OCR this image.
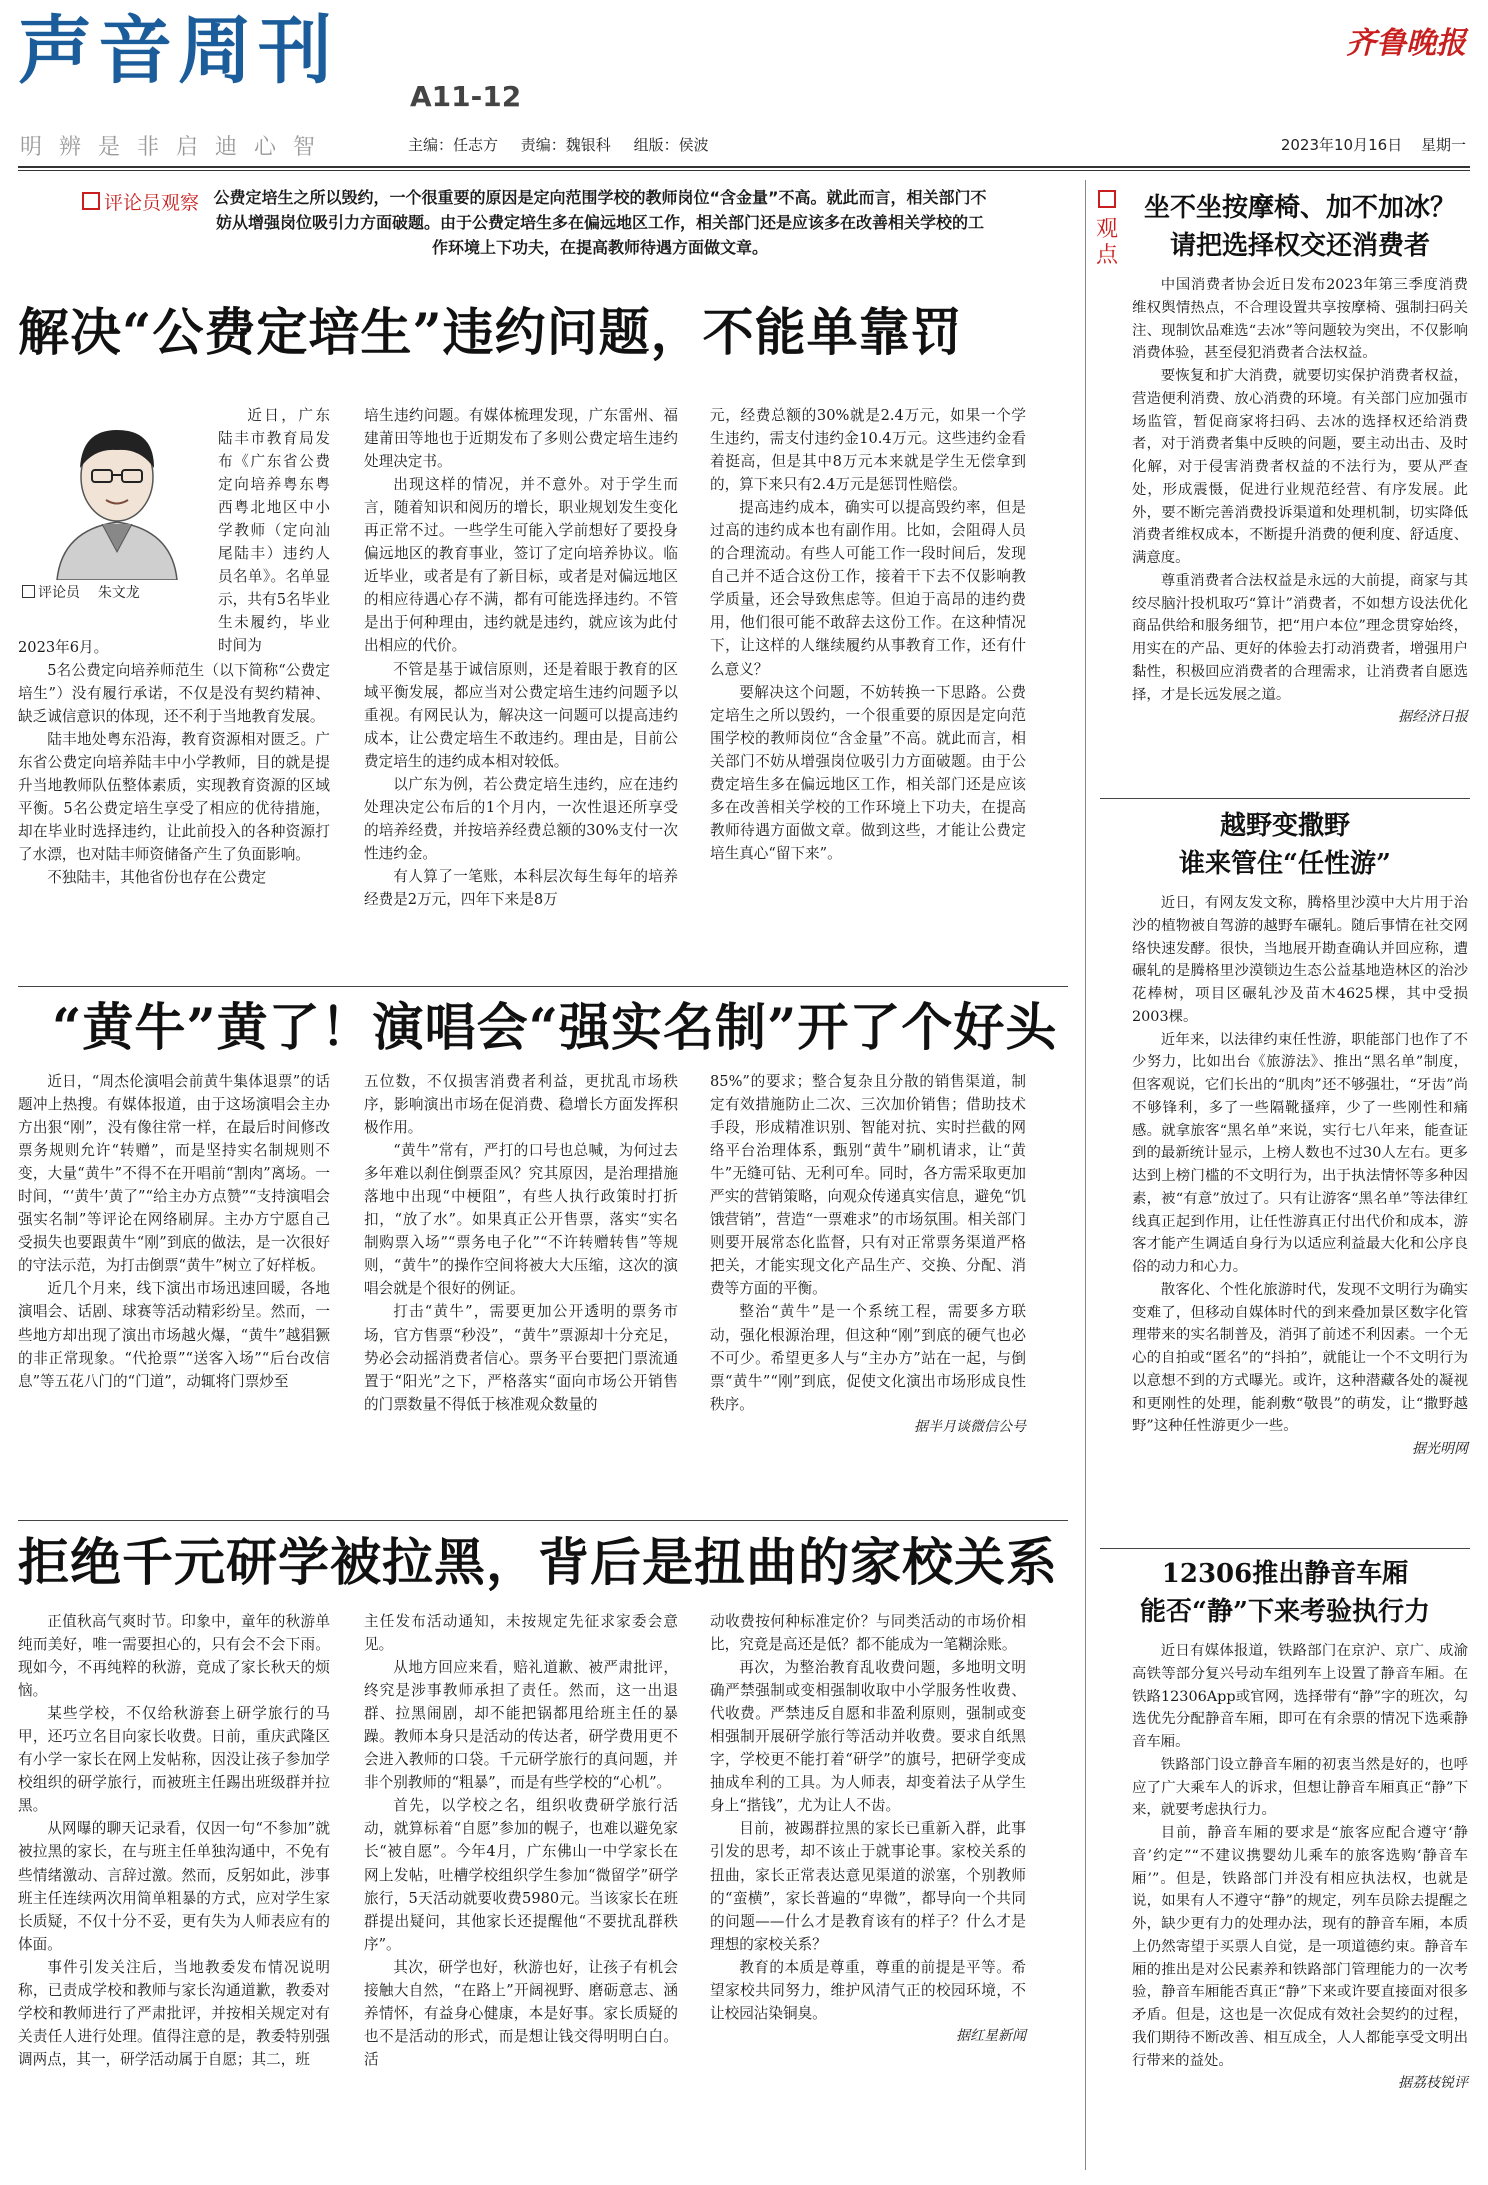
声音周刊
A11-12
明辨是非启迪心智	主编：任志方 责编：魏银科 组版：侯波
齐鲁晚报
2023年10月16日 星期一
评论员观察 公费定培生之所以毁约，一个很重要的原因是定向范围学校的教师岗位“含金量”不高。就此而言，相关部门不妨从增强岗位吸引力方面破题。由于公费定培生多在偏远地区工作，相关部门还是应该多在改善相关学校的工作环境上下功夫，在提高教师待遇方面做文章。
解决“公费定培生”违约问题，不能单靠罚
评论员 朱文龙

近日，广东陆丰市教育局发布《广东省公费定向培养粤东粤西粤北地区中小学教师（定向汕尾陆丰）违约人员名单》。名单显示，共有5名毕业生未履约，毕业时间为

2023年6月。

5名公费定向培养师范生（以下简称“公费定培生”）没有履行承诺，不仅是没有契约精神、缺乏诚信意识的体现，还不利于当地教育发展。

陆丰地处粤东沿海，教育资源相对匮乏。广东省公费定向培养陆丰中小学教师，目的就是提升当地教师队伍整体素质，实现教育资源的区域平衡。5名公费定培生享受了相应的优待措施，却在毕业时选择违约，让此前投入的各种资源打了水漂，也对陆丰师资储备产生了负面影响。

不独陆丰，其他省份也存在公费定

培生违约问题。有媒体梳理发现，广东雷州、福建莆田等地也于近期发布了多则公费定培生违约处理决定书。

出现这样的情况，并不意外。对于学生而言，随着知识和阅历的增长，职业规划发生变化再正常不过。一些学生可能入学前想好了要投身偏远地区的教育事业，签订了定向培养协议。临近毕业，或者是有了新目标，或者是对偏远地区的相应待遇心存不满，都有可能选择违约。不管是出于何种理由，违约就是违约，就应该为此付出相应的代价。

不管是基于诚信原则，还是着眼于教育的区域平衡发展，都应当对公费定培生违约问题予以重视。有网民认为，解决这一问题可以提高违约成本，让公费定培生不敢违约。理由是，目前公费定培生的违约成本相对较低。

以广东为例，若公费定培生违约，应在违约处理决定公布后的1个月内，一次性退还所享受的培养经费，并按培养经费总额的30%支付一次性违约金。

有人算了一笔账，本科层次每生每年的培养经费是2万元，四年下来是8万

元，经费总额的30%就是2.4万元，如果一个学生违约，需支付违约金10.4万元。这些违约金看着挺高，但是其中8万元本来就是学生无偿拿到的，算下来只有2.4万元是惩罚性赔偿。

提高违约成本，确实可以提高毁约率，但是过高的违约成本也有副作用。比如，会阻碍人员的合理流动。有些人可能工作一段时间后，发现自己并不适合这份工作，接着干下去不仅影响教学质量，还会导致焦虑等。但迫于高昂的违约费用，他们很可能不敢辞去这份工作。在这种情况下，让这样的人继续履约从事教育工作，还有什么意义？

要解决这个问题，不妨转换一下思路。公费定培生之所以毁约，一个很重要的原因是定向范围学校的教师岗位“含金量”不高。就此而言，相关部门不妨从增强岗位吸引力方面破题。由于公费定培生多在偏远地区工作，相关部门还是应该多在改善相关学校的工作环境上下功夫，在提高教师待遇方面做文章。做到这些，才能让公费定培生真心“留下来”。

“黄牛”黄了！演唱会“强实名制”开了个好头

近日，“周杰伦演唱会前黄牛集体退票”的话题冲上热搜。有媒体报道，由于这场演唱会主办方出狠“刚”，没有像往常一样，在最后时间修改票务规则允许“转赠”，而是坚持实名制规则不变，大量“黄牛”不得不在开唱前“割肉”离场。一时间，“‘黄牛’黄了”“给主办方点赞”“支持演唱会强实名制”等评论在网络刷屏。主办方宁愿自己受损失也要跟黄牛“刚”到底的做法，是一次很好的守法示范，为打击倒票“黄牛”树立了好样板。

近几个月来，线下演出市场迅速回暖，各地演唱会、话剧、球赛等活动精彩纷呈。然而，一些地方却出现了演出市场越火爆，“黄牛”越猖獗的非正常现象。“代抢票”“送客入场”“后台改信息”等五花八门的“门道”，动辄将门票炒至

五位数，不仅损害消费者利益，更扰乱市场秩序，影响演出市场在促消费、稳增长方面发挥积极作用。

“黄牛”常有，严打的口号也总喊，为何过去多年难以刹住倒票歪风？究其原因，是治理措施落地中出现“中梗阻”，有些人执行政策时打折扣，“放了水”。如果真正公开售票，落实“实名制购票入场”“票务电子化”“不许转赠转售”等规则，“黄牛”的操作空间将被大大压缩，这次的演唱会就是个很好的例证。

打击“黄牛”，需要更加公开透明的票务市场，官方售票“秒没”，“黄牛”票源却十分充足，势必会动摇消费者信心。票务平台要把门票流通置于“阳光”之下，严格落实“面向市场公开销售的门票数量不得低于核准观众数量的

85%”的要求；整合复杂且分散的销售渠道，制定有效措施防止二次、三次加价销售；借助技术手段，形成精准识别、智能对抗、实时拦截的网络平台治理体系，甄别“黄牛”刷机请求，让“黄牛”无缝可钻、无利可牟。同时，各方需采取更加严实的营销策略，向观众传递真实信息，避免“饥饿营销”，营造“一票难求”的市场氛围。相关部门则要开展常态化监督，只有对正常票务渠道严格把关，才能实现文化产品生产、交换、分配、消费等方面的平衡。

整治“黄牛”是一个系统工程，需要多方联动，强化根源治理，但这种“刚”到底的硬气也必不可少。希望更多人与“主办方”站在一起，与倒票“黄牛”“刚”到底，促使文化演出市场形成良性秩序。

据半月谈微信公号
拒绝千元研学被拉黑，背后是扭曲的家校关系

正值秋高气爽时节。印象中，童年的秋游单纯而美好，唯一需要担心的，只有会不会下雨。现如今，不再纯粹的秋游，竟成了家长秋天的烦恼。

某些学校，不仅给秋游套上研学旅行的马甲，还巧立名目向家长收费。日前，重庆武隆区有小学一家长在网上发帖称，因没让孩子参加学校组织的研学旅行，而被班主任踢出班级群并拉黑。

从网曝的聊天记录看，仅因一句“不参加”就被拉黑的家长，在与班主任单独沟通中，不免有些情绪激动、言辞过激。然而，反躬如此，涉事班主任连续两次用简单粗暴的方式，应对学生家长质疑，不仅十分不妥，更有失为人师表应有的体面。

事件引发关注后，当地教委发布情况说明称，已责成学校和教师与家长沟通道歉，教委对学校和教师进行了严肃批评，并按相关规定对有关责任人进行处理。值得注意的是，教委特别强调两点，其一，研学活动属于自愿；其二，班

主任发布活动通知，未按规定先征求家委会意见。

从地方回应来看，赔礼道歉、被严肃批评，终究是涉事教师承担了责任。然而，这一出退群、拉黑闹剧，却不能把锅都甩给班主任的暴躁。教师本身只是活动的传达者，研学费用更不会进入教师的口袋。千元研学旅行的真问题，并非个别教师的“粗暴”，而是有些学校的“心机”。

首先，以学校之名，组织收费研学旅行活动，就算标着“自愿”参加的幌子，也难以避免家长“被自愿”。今年4月，广东佛山一中学家长在网上发帖，吐槽学校组织学生参加“微留学”研学旅行，5天活动就要收费5980元。当该家长在班群提出疑问，其他家长还提醒他“不要扰乱群秩序”。

其次，研学也好，秋游也好，让孩子有机会接触大自然，“在路上”开阔视野、磨砺意志、涵养情怀，有益身心健康，本是好事。家长质疑的也不是活动的形式，而是想让钱交得明明白白。活

动收费按何种标准定价？与同类活动的市场价相比，究竟是高还是低？都不能成为一笔糊涂账。

再次，为整治教育乱收费问题，多地明文明确严禁强制或变相强制收取中小学服务性收费、代收费。严禁违反自愿和非盈利原则，强制或变相强制开展研学旅行等活动并收费。要求自纸黑字，学校更不能打着“研学”的旗号，把研学变成抽成牟利的工具。为人师表，却变着法子从学生身上“揩钱”，尤为让人不齿。

目前，被踢群拉黑的家长已重新入群，此事引发的思考，却不该止于就事论事。家校关系的扭曲，家长正常表达意见渠道的淤塞，个别教师的“蛮横”，家长普遍的“卑微”，都导向一个共同的问题——什么才是教育该有的样子？什么才是理想的家校关系？

教育的本质是尊重，尊重的前提是平等。希望家校共同努力，维护风清气正的校园环境，不让校园沾染铜臭。

据红星新闻
观点
坐不坐按摩椅、加不加冰？
请把选择权交还消费者

中国消费者协会近日发布2023年第三季度消费维权舆情热点，不合理设置共享按摩椅、强制扫码关注、现制饮品难选“去冰”等问题较为突出，不仅影响消费体验，甚至侵犯消费者合法权益。

要恢复和扩大消费，就要切实保护消费者权益，营造便利消费、放心消费的环境。有关部门应加强市场监管，暂促商家将扫码、去冰的选择权还给消费者，对于消费者集中反映的问题，要主动出击、及时化解，对于侵害消费者权益的不法行为，要从严查处，形成震慑，促进行业规范经营、有序发展。此外，要不断完善消费投诉渠道和处理机制，切实降低消费者维权成本，不断提升消费的便利度、舒适度、满意度。

尊重消费者合法权益是永远的大前提，商家与其绞尽脑汁投机取巧“算计”消费者，不如想方设法优化商品供给和服务细节，把“用户本位”理念贯穿始终，用实在的产品、更好的体验去打动消费者，增强用户黏性，积极回应消费者的合理需求，让消费者自愿选择，才是长远发展之道。

据经济日报
越野变撒野
谁来管住“任性游”

近日，有网友发文称，腾格里沙漠中大片用于治沙的植物被自驾游的越野车碾轧。随后事情在社交网络快速发酵。很快，当地展开勘查确认并回应称，遭碾轧的是腾格里沙漠锁边生态公益基地造林区的治沙花棒树，项目区碾轧沙及苗木4625棵，其中受损2003棵。

近年来，以法律约束任性游，职能部门也作了不少努力，比如出台《旅游法》、推出“黑名单”制度，但客观说，它们长出的“肌肉”还不够强壮，“牙齿”尚不够锋利，多了一些隔靴搔痒，少了一些刚性和痛感。就拿旅客“黑名单”来说，实行七八年来，能查证到的最新统计显示，上榜人数也不过30人左右。更多达到上榜门槛的不文明行为，出于执法情怀等多种因素，被“有意”放过了。只有让游客“黑名单”等法律红线真正起到作用，让任性游真正付出代价和成本，游客才能产生调适自身行为以适应利益最大化和公序良俗的动力和心力。

散客化、个性化旅游时代，发现不文明行为确实变难了，但移动自媒体时代的到来叠加景区数字化管理带来的实名制普及，消弭了前述不利因素。一个无心的自拍或“匿名”的“抖拍”，就能让一个不文明行为以意想不到的方式曝光。或许，这种潜藏各处的凝视和更刚性的处理，能刹敷“敬畏”的萌发，让“撒野越野”这种任性游更少一些。

据光明网
12306推出静音车厢
能否“静”下来考验执行力

近日有媒体报道，铁路部门在京沪、京广、成渝高铁等部分复兴号动车组列车上设置了静音车厢。在铁路12306App或官网，选择带有“静”字的班次，勾选优先分配静音车厢，即可在有余票的情况下选乘静音车厢。

铁路部门设立静音车厢的初衷当然是好的，也呼应了广大乘车人的诉求，但想让静音车厢真正“静”下来，就要考虑执行力。

目前，静音车厢的要求是“旅客应配合遵守‘静音’约定”“不建议携婴幼儿乘车的旅客选购‘静音车厢’”。但是，铁路部门并没有相应执法权，也就是说，如果有人不遵守“静”的规定，列车员除去提醒之外，缺少更有力的处理办法，现有的静音车厢，本质上仍然寄望于买票人自觉，是一项道德约束。静音车厢的推出是对公民素养和铁路部门管理能力的一次考验，静音车厢能否真正“静”下来或许要直接面对很多矛盾。但是，这也是一次促成有效社会契约的过程，我们期待不断改善、相互成全，人人都能享受文明出行带来的益处。

据荔枝锐评
